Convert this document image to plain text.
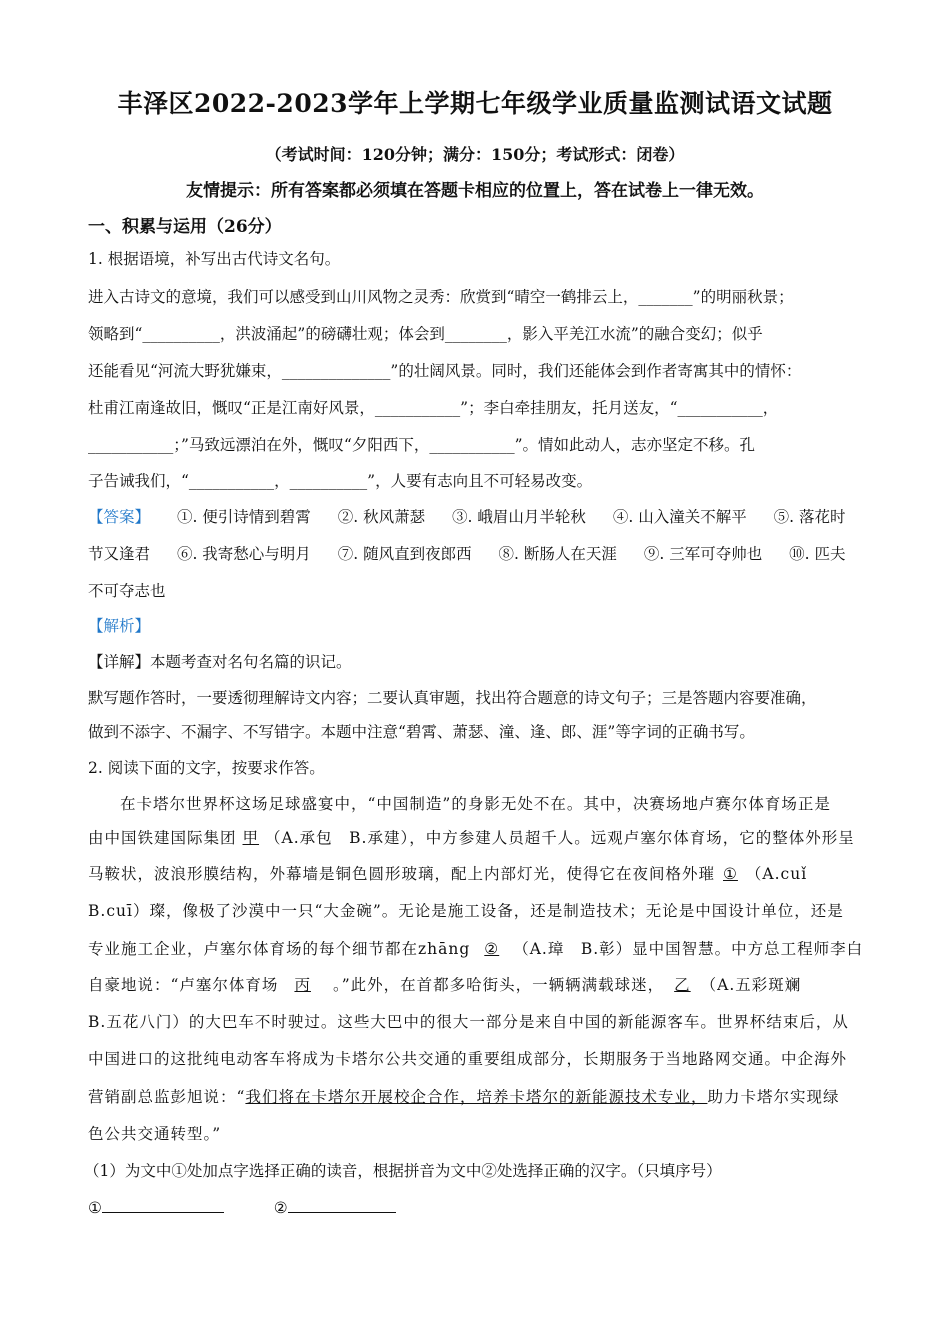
丰泽区2022-2023学年上学期七年级学业质量监测试语文试题
（考试时间：120分钟；满分：150分；考试形式：闭卷）
友情提示：所有答案都必须填在答题卡相应的位置上，答在试卷上一律无效。
一、积累与运用（26分）
1. 根据语境，补写出古代诗文名句。
进入古诗文的意境，我们可以感受到山川风物之灵秀：欣赏到“晴空一鹤排云上，_______”的明丽秋景；
领略到“__________，洪波涌起”的磅礴壮观；体会到________，影入平羌江水流”的融合变幻；似乎
还能看见“河流大野犹嫌束，______________”的壮阔风景。同时，我们还能体会到作者寄寓其中的情怀：
杜甫江南逢故旧，慨叹“正是江南好风景，___________”；李白牵挂朋友，托月送友，“___________，
___________；”马致远漂泊在外，慨叹“夕阳西下，___________”。情如此动人，志亦坚定不移。孔
子告诫我们，“___________，__________”，人要有志向且不可轻易改变。
【答案】 ①. 便引诗情到碧霄 ②. 秋风萧瑟 ③. 峨眉山月半轮秋 ④. 山入潼关不解平 ⑤. 落花时
节又逢君 ⑥. 我寄愁心与明月 ⑦. 随风直到夜郎西 ⑧. 断肠人在天涯 ⑨. 三军可夺帅也 ⑩. 匹夫
不可夺志也
【解析】
【详解】本题考查对名句名篇的识记。
默写题作答时，一要透彻理解诗文内容；二要认真审题，找出符合题意的诗文句子；三是答题内容要准确，
做到不添字、不漏字、不写错字。本题中注意“碧霄、萧瑟、潼、逢、郎、涯”等字词的正确书写。
2. 阅读下面的文字，按要求作答。
在卡塔尔世界杯这场足球盛宴中，“中国制造”的身影无处不在。其中，决赛场地卢赛尔体育场正是
由中国铁建国际集团 甲 （A.承包　B.承建），中方参建人员超千人。远观卢塞尔体育场，它的整体外形呈
马鞍状，波浪形膜结构，外幕墙是铜色圆形玻璃，配上内部灯光，使得它在夜间格外璀 ① （A.cuǐ
B.cuī）璨，像极了沙漠中一只“大金碗”。无论是施工设备，还是制造技术；无论是中国设计单位，还是
专业施工企业，卢塞尔体育场的每个细节都在zhāng ② （A.璋　B.彰）显中国智慧。中方总工程师李白
自豪地说：“卢塞尔体育场 丙 。”此外，在首都多哈街头，一辆辆满载球迷， 乙 （A.五彩斑斓
B.五花八门）的大巴车不时驶过。这些大巴中的很大一部分是来自中国的新能源客车。世界杯结束后，从
中国进口的这批纯电动客车将成为卡塔尔公共交通的重要组成部分，长期服务于当地路网交通。中企海外
营销副总监彭旭说：“我们将在卡塔尔开展校企合作，培养卡塔尔的新能源技术专业，助力卡塔尔实现绿
色公共交通转型。”
（1）为文中①处加点字选择正确的读音，根据拼音为文中②处选择正确的汉字。（只填序号）
①	②
